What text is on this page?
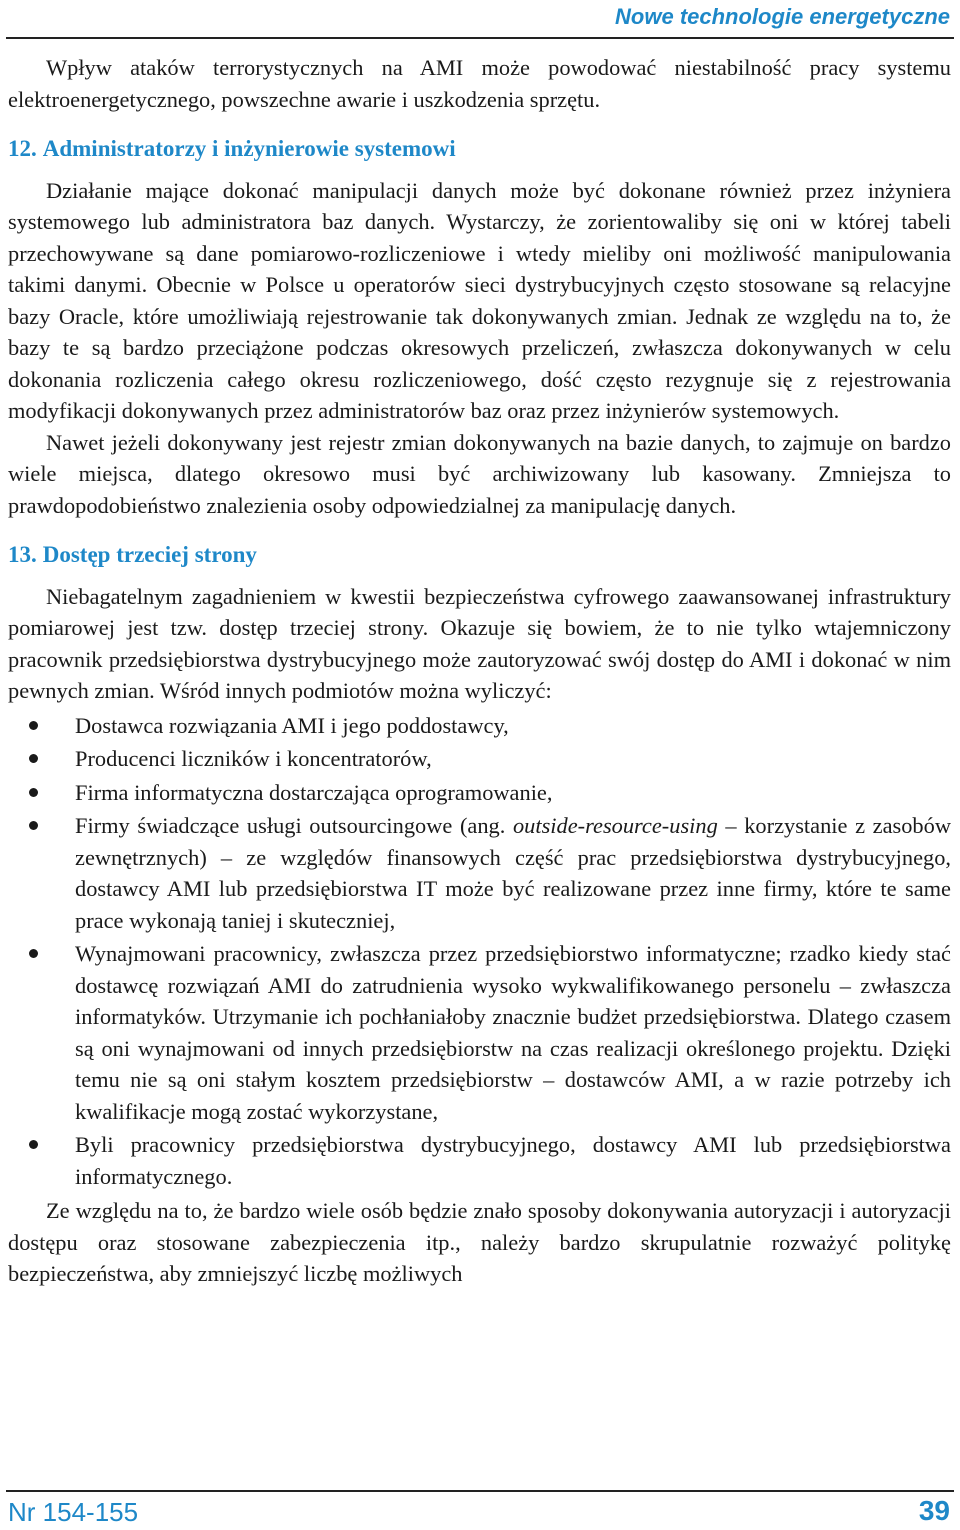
Nowe technologie energetyczne

Wpływ ataków terrorystycznych na AMI może powodować niestabilność pracy systemu elektroenergetycznego, powszechne awarie i uszkodzenia sprzętu.

12. Administratorzy i inżynierowie systemowi

Działanie mające dokonać manipulacji danych może być dokonane również przez inżyniera systemowego lub administratora baz danych. Wystarczy, że zorientowaliby się oni w której tabeli przechowywane są dane pomiarowo-rozliczeniowe i wtedy mieliby oni możliwość manipulowania takimi danymi. Obecnie w Polsce u operatorów sieci dystrybucyjnych często stosowane są relacyjne bazy Oracle, które umożliwiają rejestrowanie tak dokonywanych zmian. Jednak ze względu na to, że bazy te są bardzo przeciążone podczas okresowych przeliczeń, zwłaszcza dokonywanych w celu dokonania rozliczenia całego okresu rozliczeniowego, dość często rezygnuje się z rejestrowania modyfikacji dokonywanych przez administratorów baz oraz przez inżynierów systemowych.

Nawet jeżeli dokonywany jest rejestr zmian dokonywanych na bazie danych, to zajmuje on bardzo wiele miejsca, dlatego okresowo musi być archiwizowany lub kasowany. Zmniejsza to prawdopodobieństwo znalezienia osoby odpowiedzialnej za manipulację danych.

13. Dostęp trzeciej strony

Niebagatelnym zagadnieniem w kwestii bezpieczeństwa cyfrowego zaawansowanej infrastruktury pomiarowej jest tzw. dostęp trzeciej strony. Okazuje się bowiem, że to nie tylko wtajemniczony pracownik przedsiębiorstwa dystrybucyjnego może zautoryzować swój dostęp do AMI i dokonać w nim pewnych zmian. Wśród innych podmiotów można wyliczyć:

Dostawca rozwiązania AMI i jego poddostawcy,
Producenci liczników i koncentratorów,
Firma informatyczna dostarczająca oprogramowanie,
Firmy świadczące usługi outsourcingowe (ang. outside-resource-using – korzystanie z zasobów zewnętrznych) – ze względów finansowych część prac przedsiębiorstwa dystrybucyjnego, dostawcy AMI lub przedsiębiorstwa IT może być realizowane przez inne firmy, które te same prace wykonają taniej i skuteczniej,
Wynajmowani pracownicy, zwłaszcza przez przedsiębiorstwo informatyczne; rzadko kiedy stać dostawcę rozwiązań AMI do zatrudnienia wysoko wykwalifikowanego personelu – zwłaszcza informatyków. Utrzymanie ich pochłaniałoby znacznie budżet przedsiębiorstwa. Dlatego czasem są oni wynajmowani od innych przedsiębiorstw na czas realizacji określonego projektu. Dzięki temu nie są oni stałym kosztem przedsiębiorstw – dostawców AMI, a w razie potrzeby ich kwalifikacje mogą zostać wykorzystane,
Byli pracownicy przedsiębiorstwa dystrybucyjnego, dostawcy AMI lub przedsiębiorstwa informatycznego.

Ze względu na to, że bardzo wiele osób będzie znało sposoby dokonywania autoryzacji i autoryzacji dostępu oraz stosowane zabezpieczenia itp., należy bardzo skrupulatnie rozważyć politykę bezpieczeństwa, aby zmniejszyć liczbę możliwych

Nr 154-155	39
